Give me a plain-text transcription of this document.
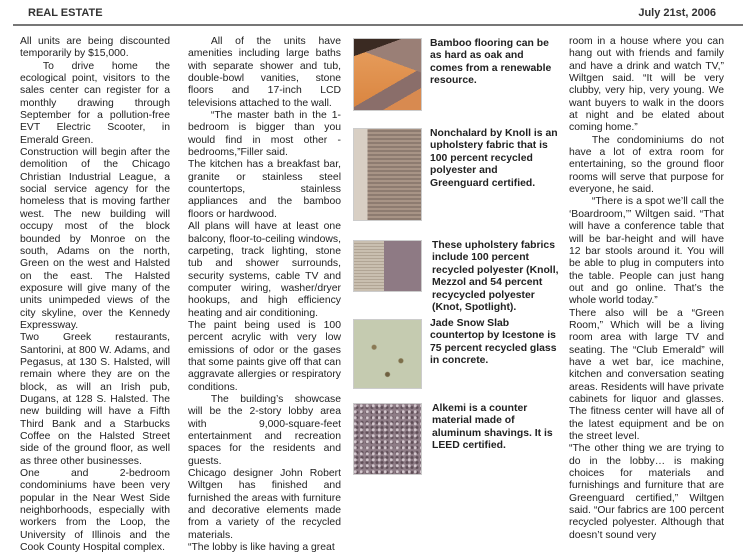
REAL ESTATE	July 21st, 2006

All units are being discounted temporarily by $15,000.

To drive home the ecological point, visitors to the sales center can register for a monthly drawing through September for a pollution-free EVT Electric Scooter, in Emerald Green.

Construction will begin after the demolition of the Chicago Christian Industrial League, a social service agency for the homeless that is moving farther west. The new building will occupy most of the block bounded by Monroe on the south, Adams on the north, Green on the west and Halsted on the east. The Halsted exposure will give many of the units unimpeded views of the city skyline, over the Kennedy Expressway.

Two Greek restaurants, Santorini, at 800 W. Adams, and Pegasus, at 130 S. Halsted, will remain where they are on the block, as will an Irish pub, Dugans, at 128 S. Halsted. The new building will have a Fifth Third Bank and a Starbucks Coffee on the Halsted Street side of the ground floor, as well as three other businesses.

One and 2-bedroom condominiums have been very popular in the Near West Side neighborhoods, especially with workers from the Loop, the University of Illinois and the Cook County Hospital complex.

All of the units have amenities including large baths with separate shower and tub, double-bowl vanities, stone floors and 17-inch LCD televisions attached to the wall.

“The master bath in the 1-bedroom is bigger than you would find in most other -bedrooms,”Filler said.

The kitchen has a breakfast bar, granite or stainless steel countertops, stainless appliances and the bamboo floors or hardwood.

All plans will have at least one balcony, floor-to-ceiling windows, carpeting, track lighting, stone tub and shower surrounds, security systems, cable TV and computer wiring, washer/dryer hookups, and high efficiency heating and air conditioning.

The paint being used is 100 percent acrylic with very low emissions of odor or the gases that some paints give off that can aggravate allergies or respiratory conditions.

The building’s showcase will be the 2-story lobby area with 9,000-square-feet entertainment and recreation spaces for the residents and guests.

Chicago designer John Robert Wiltgen has finished and furnished the areas with furniture and decorative elements made from a variety of the recycled materials.

“The lobby is like having a great

room in a house where you can hang out with friends and family and have a drink and watch TV,” Wiltgen said. “It will be very clubby, very hip, very young. We want buyers to walk in the doors at night and be elated about coming home.”

The condominiums do not have a lot of extra room for entertaining, so the ground floor rooms will serve that purpose for everyone, he said.

“There is a spot we’ll call the ‘Boardroom,’” Wiltgen said. “That will have a conference table that will be bar-height and will have 12 bar stools around it. You will be able to plug in computers into the table. People can just hang out and go online. That’s the whole world today.”

There also will be a “Green Room,” Which will be a living room area with large TV and seating. The “Club Emerald” will have a wet bar, ice machine, kitchen and conversation seating areas. Residents will have private cabinets for liquor and glasses. The fitness center will have all of the latest equipment and be on the street level.

“The other thing we are trying to do in the lobby… is making choices for materials and furnishings and furniture that are Greenguard certified,” Wiltgen said. “Our fabrics are 100 percent recycled polyester. Although that doesn’t sound very

Bamboo flooring can be as hard as oak and comes from a renewable resource.
Nonchalard by Knoll is an upholstery fabric that is 100 percent recycled polyester and Greenguard certified.
These upholstery fabrics include 100 percent recycled polyester (Knoll, Mezzol and 54 percent recycycled polyester (Knot, Spotlight).
Jade Snow Slab countertop by Icestone is 75 percent recycled glass in concrete.
Alkemi is a counter material made of aluminum shavings. It is LEED certified.
